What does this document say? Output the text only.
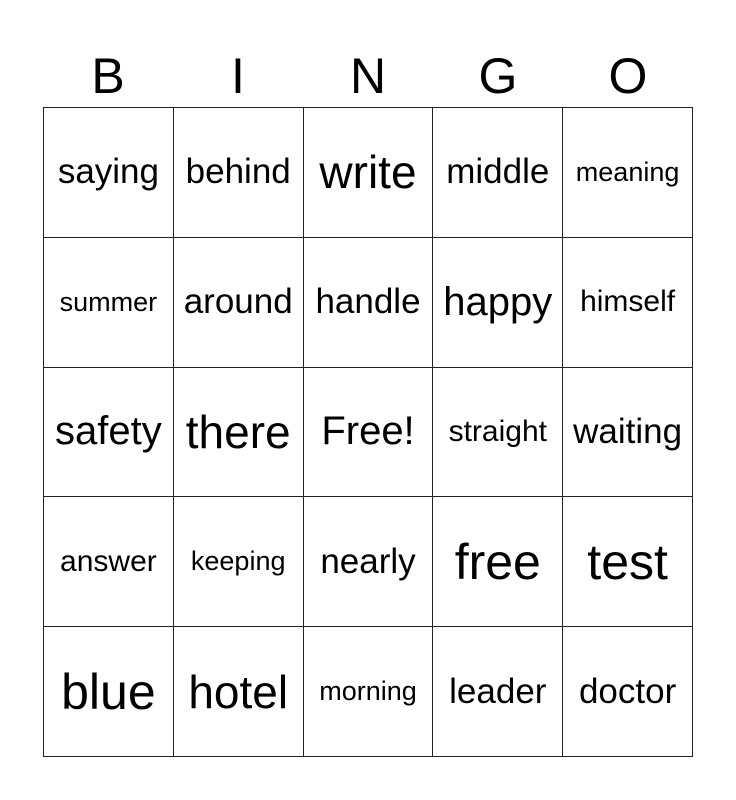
B	I	N	G	O
saying behind write middle meaning
summer around handle happy himself
safety there Free!	straight waiting
answer	keeping nearly free test
blue hotel	morning leader doctor
